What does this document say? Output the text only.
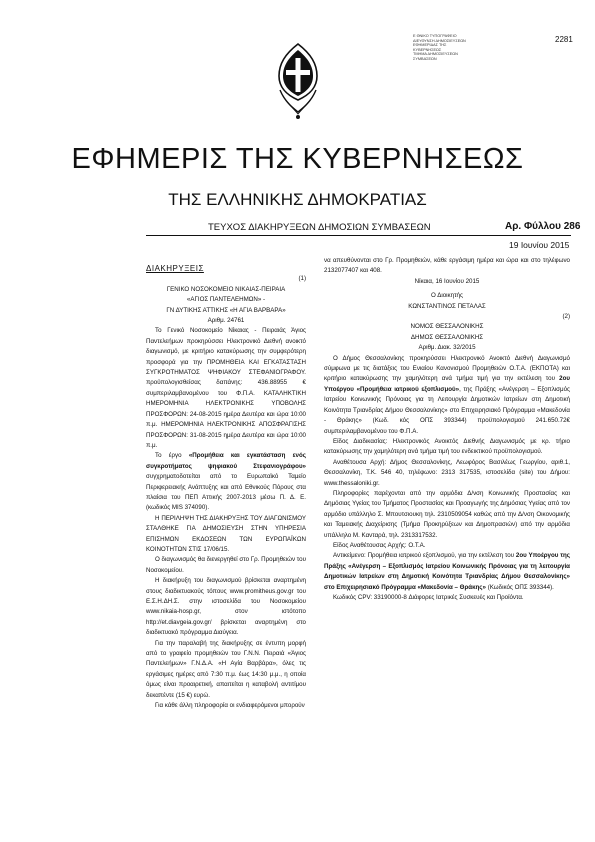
Ε ΘΝΙΚΟ ΤΥΠΟΓΡΑΦΕΙΟ
ΔΙΕΥΘΥΝΣΗ ΔΗΜΟΣΙΕΥΣΕΩΝ
ΕΦΗΜΕΡΙΔΑΣ ΤΗΣ
ΚΥΒΕΡΝΗΣΕΩΣ
ΤΜΗΜΑ ΔΗΜΟΣΙΕΥΣΕΩΝ
ΣΥΜΒΑΣΕΩΝ
2281
ΕΦΗΜΕΡΙΣ ΤΗΣ ΚΥΒΕΡΝΗΣΕΩΣ
ΤΗΣ ΕΛΛΗΝΙΚΗΣ ΔΗΜΟΚΡΑΤΙΑΣ
ΤΕΥΧΟΣ ΔΙΑΚΗΡΥΞΕΩΝ ΔΗΜΟΣΙΩΝ ΣΥΜΒΑΣΕΩΝ	Αρ. Φύλλου 286
19 Ιουνίου 2015

ΔΙΑΚΗΡΥΞΕΙΣ

(1)

ΓΕΝΙΚΟ ΝΟΣΟΚΟΜΕΙΟ ΝΙΚΑΙΑΣ-ΠΕΙΡΑΙΑ

«ΑΓΙΟΣ ΠΑΝΤΕΛΕΗΜΩΝ» -

ΓΝ ΔΥΤΙΚΗΣ ΑΤΤΙΚΗΣ «Η ΑΓΙΑ ΒΑΡΒΑΡΑ»

Αριθμ. 24761

Το Γενικό Νοσοκομείο Νίκαιας - Πειραιάς Άγιος Παντελεήμων προκηρύσσει Ηλεκτρονικό Διεθνή ανοικτό διαγωνισμό, με κριτήριο κατακύρωσης την συμφερότερη προσφορά για την ΠΡΟΜΗΘΕΙΑ ΚΑΙ ΕΓΚΑΤΑΣΤΑΣΗ ΣΥΓΚΡΟΤΗΜΑΤΟΣ ΨΗΦΙΑΚΟΥ ΣΤΕΦΑΝΙΟΓΡΑΦΟΥ. προϋπολογισθείσας δαπάνης: 436.88955 € συμπεριλαμβανομένου του Φ.Π.Α. ΚΑΤΑΛΗΚΤΙΚΗ ΗΜΕΡΟΜΗΝΙΑ ΗΛΕΚΤΡΟΝΙΚΗΣ ΥΠΟΒΟΛΗΣ ΠΡΟΣΦΟΡΩΝ: 24-08-2015 ημέρα Δευτέρα και ώρα 10:00 π.μ. ΗΜΕΡΟΜΗΝΙΑ ΗΛΕΚΤΡΟΝΙΚΗΣ ΑΠΟΣΦΡΑΓΙΣΗΣ ΠΡΟΣΦΟΡΩΝ: 31-08-2015 ημέρα Δευτέρα και ώρα 10:00 π.μ.

Το έργο «Προμήθεια και εγκατάσταση ενός συγκροτήματος ψηφιακού Στεφανιογράφου» συγχρηματοδοτείται από το Ευρωπαϊκό Ταμείο Περιφερειακής Ανάπτυξης και από Εθνικούς Πόρους στα πλαίσια του ΠΕΠ Αττικής 2007-2013 μέσω Π. Δ. Ε. (κωδικός MIS 374090).

Η ΠΕΡΙΛΗΨΗ ΤΗΣ ΔΙΑΚΗΡΥΞΗΣ ΤΟΥ ΔΙΑΓΩΝΙΣΜΟΥ ΣΤΑΛΘΗΚΕ ΓΙΑ ΔΗΜΟΣΙΕΥΣΗ ΣΤΗΝ ΥΠΗΡΕΣΙΑ ΕΠΙΣΗΜΩΝ ΕΚΔΟΣΕΩΝ ΤΩΝ ΕΥΡΩΠΑΪΚΩΝ ΚΟΙΝΟΤΗΤΩΝ ΣΤΙΣ 17/06/15.

Ο διαγωνισμός θα διενεργηθεί στο Γρ. Προμηθειών του Νοσοκομείου.

Η διακήρυξη του διαγωνισμού βρίσκεται αναρτημένη στους διαδικτυακούς τόπους www.promitheus.gov.gr του Ε.Σ.Η.ΔΗ.Σ. στην ιστοσελίδα του Νοσοκομείου www.nikaia-hosp.gr, στον ιστότοπο http://et.diavgeia.gov.gr/ βρίσκεται αναρτημένη στο διαδικτυακό πρόγραμμα Διαύγεια.

Για την παραλαβή της διακήρυξης σε έντυπη μορφή από το γραφείο προμηθειών του Γ.Ν.Ν. Πειραιά «Άγιος Παντελεήμων» Γ.Ν.Δ.Α. «Η Αγία Βαρβάρα», όλες τις εργάσιμες ημέρες από 7:30 π.μ. έως 14:30 μ.μ., η οποία όμως είναι προαιρετική, απαιτείται η καταβολή αντιτίμου δεκαπέντε (15 €) ευρώ.

Για κάθε άλλη πληροφορία οι ενδιαφερόμενοι μπορούν

να απευθύνονται στο Γρ. Προμηθειών, κάθε εργάσιμη ημέρα και ώρα και στο τηλέφωνο 2132077407 και 408.

Νίκαια, 16 Ιουνίου 2015

Ο Διοικητής

ΚΩΝΣΤΑΝΤΙΝΟΣ ΠΕΤΑΛΑΣ

(2)

ΝΟΜΟΣ ΘΕΣΣΑΛΟΝΙΚΗΣ

ΔΗΜΟΣ ΘΕΣΣΑΛΟΝΙΚΗΣ

Αριθμ. Διακ. 32/2015

Ο Δήμος Θεσσαλονίκης προκηρύσσει Ηλεκτρονικό Ανοικτό Διεθνή Διαγωνισμό σύμφωνα με τις διατάξεις του Ενιαίου Κανονισμού Προμηθειών Ο.Τ.Α. (ΕΚΠΟΤΑ) και κριτήριο κατακύρωσης την χαμηλότερη ανά τμήμα τιμή για την εκτέλεση του 2ου Υποέργου «Προμήθεια ιατρικού εξοπλισμού», της Πράξης «Ανέγερση – Εξοπλισμός Ιατρείου Κοινωνικής Πρόνοιας για τη Λειτουργία Δημοτικών Ιατρείων στη Δημοτική Κοινότητα Τριανδρίας Δήμου Θεσσαλονίκης» στο Επιχειρησιακό Πρόγραμμα «Μακεδονία - Θράκης» (Κωδ. κός ΟΠΣ 393344) προϋπολογισμού 241.650.72€ συμπεριλαμβανομένου του Φ.Π.Α.

Είδος Διαδικασίας: Ηλεκτρονικός Ανοικτός Διεθνής Διαγωνισμός με κρ. τήριο κατακύρωσης την χαμηλότερη ανά τμήμα τιμή του ενδεικτικού προϋπολογισμού.

Αναθέτουσα Αρχή: Δήμος Θεσσαλονίκης, Λεωφόρος Βασιλέως Γεωργίου, αριθ.1, Θεσσαλονίκη, Τ.Κ. 546 40, τηλέφωνο: 2313 317535, ιστοσελίδα (site) του Δήμου: www.thessaloniki.gr.

Πληροφορίες παρέχονται από την αρμόδια Δ/νση Κοινωνικής Προστασίας και Δημόσιας Υγείας του Τμήματος Προστασίας και Προαγωγής της Δημόσιας Υγείας από τον αρμόδιο υπάλληλο Σ. Μπουτσιουκη τηλ. 2310509054 καθώς από την Δ/νση Οικονομικής και Ταμειακής Διαχείρισης (Τμήμα Προκηρύξεων και Δημοπρασιών) από την αρμόδια υπάλληλο Μ. Κανταρά, τηλ. 2313317532.

Είδος Αναθέτουσας Αρχής: Ο.Τ.Α.

Αντικείμενο: Προμήθεια ιατρικού εξοπλισμού, για την εκτέλεση του 2ου Υποέργου της Πράξης «Ανέγερση – Εξοπλισμός Ιατρείου Κοινωνικής Πρόνοιας για τη λειτουργία Δημοτικών Ιατρείων στη Δημοτική Κοινότητα Τριανδρίας Δήμου Θεσσαλονίκης» στο Επιχειρησιακό Πρόγραμμα «Μακεδονία – Θράκης» (Κωδικός ΟΠΣ 393344).

Κωδικός CPV: 33190000-8 Διάφορες Ιατρικές Συσκευές και Προϊόντα.
